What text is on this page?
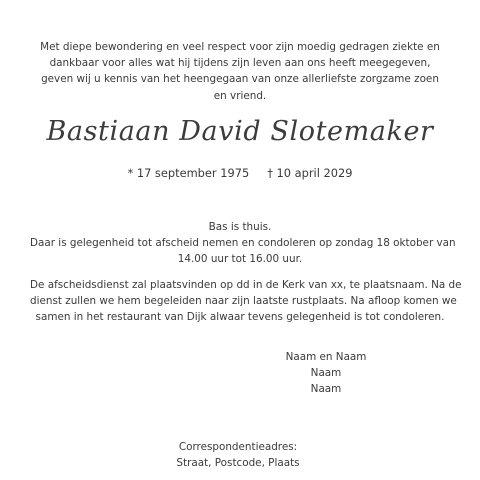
Met diepe bewondering en veel respect voor zijn moedig gedragen ziekte en
dankbaar voor alles wat hij tijdens zijn leven aan ons heeft meegegeven,
geven wij u kennis van het heengegaan van onze allerliefste zorgzame zoen
en vriend.
Bastiaan David Slotemaker
* 17 september 1975 † 10 april 2029
Bas is thuis.
Daar is gelegenheid tot afscheid nemen en condoleren op zondag 18 oktober van
14.00 uur tot 16.00 uur.
De afscheidsdienst zal plaatsvinden op dd in de Kerk van xx, te plaatsnaam. Na de
dienst zullen we hem begeleiden naar zijn laatste rustplaats. Na afloop komen we
samen in het restaurant van Dijk alwaar tevens gelegenheid is tot condoleren.
Naam en Naam
Naam
Naam
Correspondentieadres:
Straat, Postcode, Plaats
